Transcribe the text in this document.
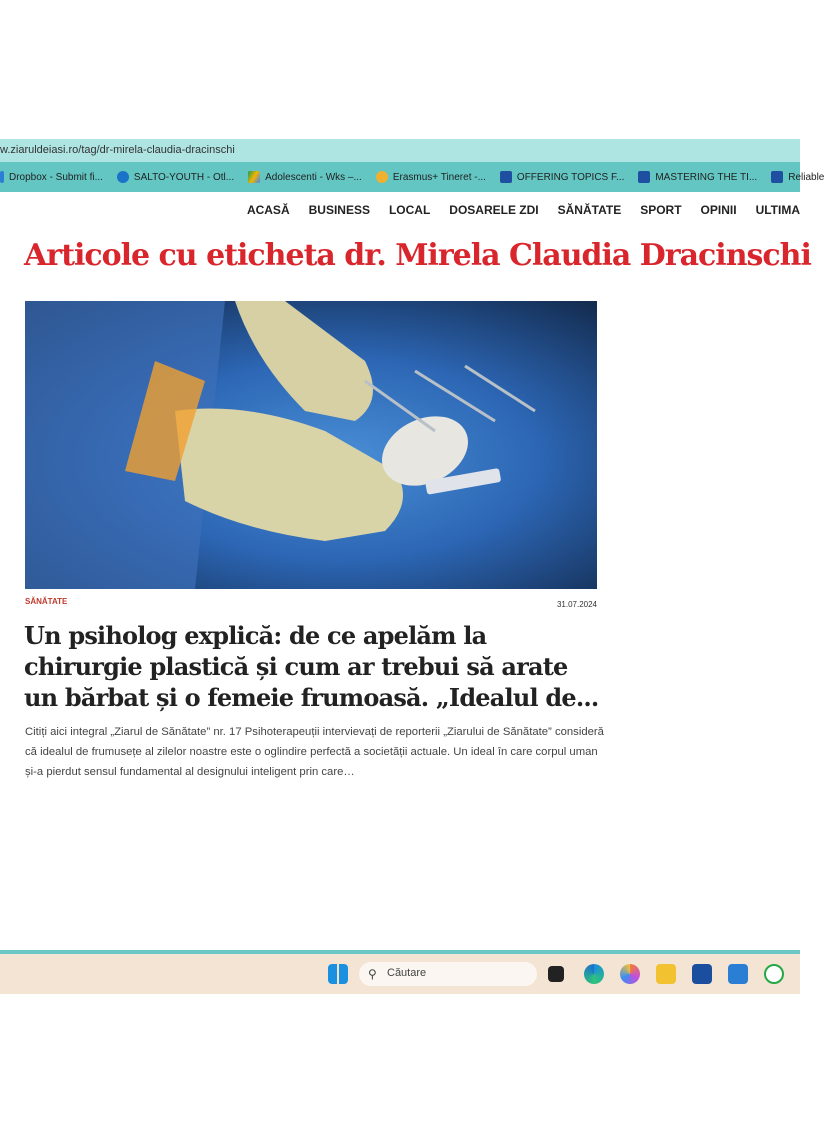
w.ziaruldeiasi.ro/tag/dr-mirela-claudia-dracinschi
Dropbox - Submit fi...	SALTO-YOUTH - Otl...	Adolescenti - Wks –...	Erasmus+ Tineret -...	OFFERING TOPICS F...	MASTERING THE TI...	Reliable
ACASĂ BUSINESS LOCAL DOSARELE ZDI SĂNĂTATE SPORT OPINII ULTIMA
Articole cu eticheta dr. Mirela Claudia Dracinschi
SĂNĂTATE	31.07.2024
Un psiholog explică: de ce apelăm la chirurgie plastică și cum ar trebui să arate un bărbat și o femeie frumoasă. „Idealul de...

Citiți aici integral „Ziarul de Sănătate” nr. 17 Psihoterapeuții intervievați de reporterii „Ziarului de Sănătate” consideră că idealul de frumusețe al zilelor noastre este o oglindire perfectă a societății actuale. Un ideal în care corpul uman și-a pierdut sensul fundamental al designului inteligent prin care…

⚲ Căutare
